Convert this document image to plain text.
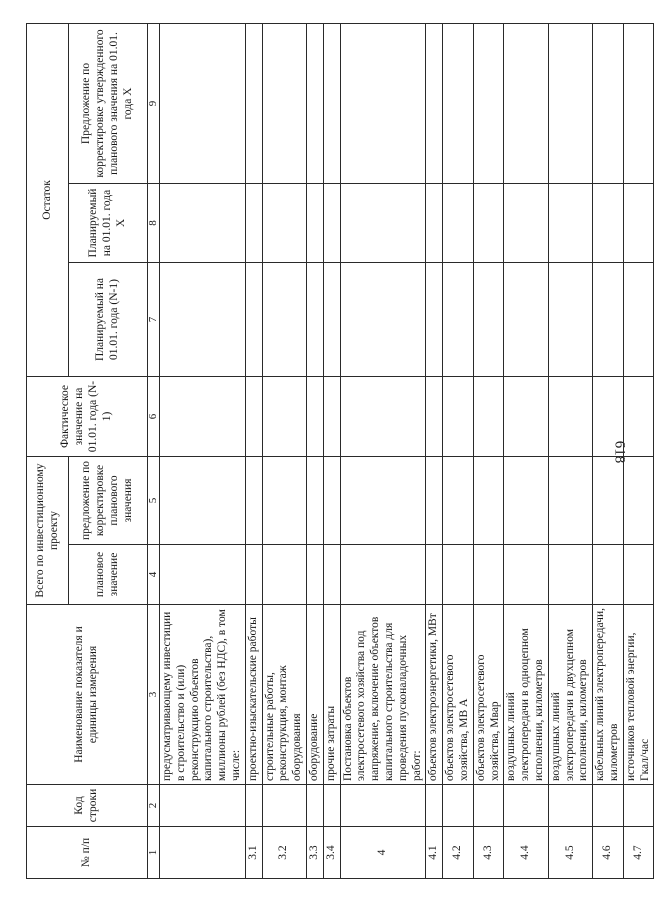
618
№ п/п	Код строки	Наименование показателя и единицы измерения	Всего по инвестиционному проекту		Фактическое значение на 01.01. года (N-1)	Остаток		
			плановое значение	предложение по корректировке планового значения		Планируемый на 01.01. года (N-1)	Планируемый на 01.01. года X	Предложение по корректировке утвержденного планового значения на 01.01. года X
1	2	3	4	5	6	7	8	9
		предусматривающему инвестиции в строительство и (или) реконструкцию объектов капитального строительства), миллионы рублей (без НДС), в том числе:						
3.1		проектно-изыскательские работы						
3.2		строительные работы, реконструкция, монтаж оборудования						
3.3		оборудование						
3.4		прочие затраты						
4		Постановка объектов электросетевого хозяйства под напряжение, включение объектов капитального строительства для проведения пусконаладочных работ:						
4.1		объектов электроэнергетики, МВт						
4.2		объектов электросетевого хозяйства, МВ А						
4.3		объектов электросетевого хозяйства, Мвар						
4.4		воздушных линий электропередачи в одноцепном исполнении, километров						
4.5		воздушных линий электропередачи в двухцепном исполнении, километров						
4.6		кабельных линий электропередачи, километров						
4.7		источников тепловой энергии, Гкал/час						
